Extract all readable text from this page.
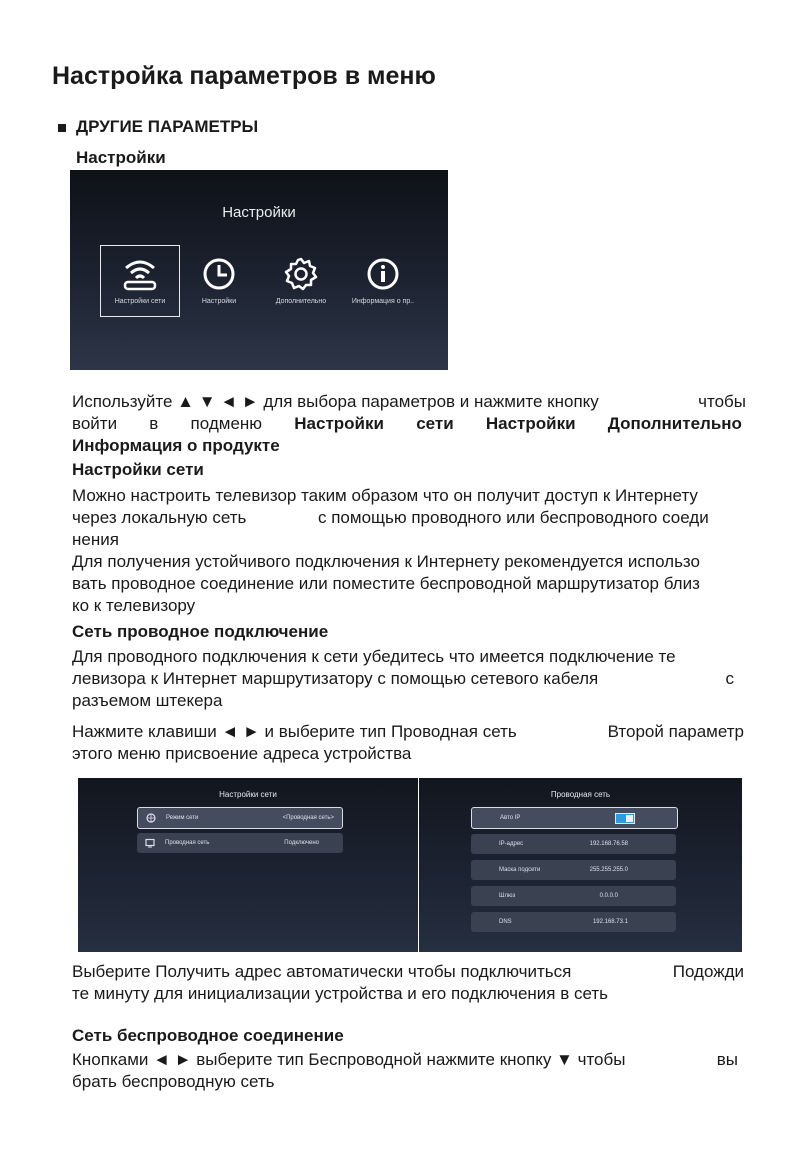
Настройка параметров в меню
ДРУГИЕ ПАРАМЕТРЫ
Настройки
Настройки
Настройки сети	Настройки	Дополнительно	Информация о пр..
Используйте ▲ ▼ ◄ ► для выбора параметров и нажмите кнопку	чтобы
войти в подменю Настройки сети Настройки Дополнительно
Информация о продукте
Настройки сети
Можно настроить телевизор таким образом что он получит доступ к Интернету
через локальную сеть	с помощью проводного или беспроводного соеди
нения
Для получения устойчивого подключения к Интернету рекомендуется использо
вать проводное соединение или поместите беспроводной маршрутизатор близ
ко к телевизору
Сеть проводное подключение
Для проводного подключения к сети убедитесь что имеется подключение те
левизора к Интернет маршрутизатору с помощью сетевого кабеля	с
разъемом штекера
Нажмите клавиши ◄ ► и выберите тип Проводная сеть	Второй параметр
этого меню присвоение адреса устройства
Настройки сети
Режим сети	<Проводная сеть>
Проводная сеть	Подключено
Проводная сеть
Авто IP
IP-адрес	192.168.76.58
Маска подсети	255.255.255.0
Шлюз	0.0.0.0
DNS	192.168.73.1
Выберите Получить адрес автоматически чтобы подключиться	Подожди
те минуту для инициализации устройства и его подключения в сеть
Сеть беспроводное соединение
Кнопками ◄ ► выберите тип Беспроводной нажмите кнопку ▼ чтобы	вы
брать беспроводную сеть
